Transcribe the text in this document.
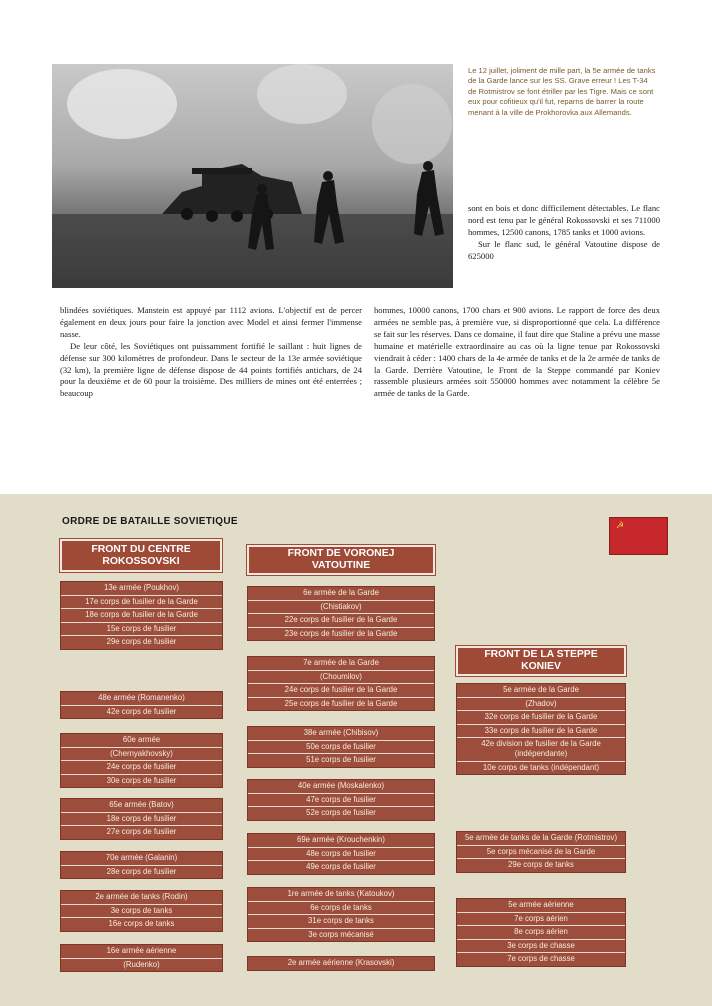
Le 12 juillet, joliment de mille part, la 5e armée de tanks de la Garde lance sur les SS. Grave erreur ! Les T-34 de Rotmistrov se font étriller par les Tigre. Mais ce sont eux pour cofitieux qu'il fut, reparns de barrer la route menant à la ville de Prokhorovka aux Allemands.

sont en bois et donc difficilement détectables. Le flanc nord est tenu par le général Rokossovski et ses 711000 hommes, 12500 canons, 1785 tanks et 1000 avions.

Sur le flanc sud, le général Vatoutine dispose de 625000

blindées soviétiques. Manstein est appuyé par 1112 avions. L'objectif est de percer également en deux jours pour faire la jonction avec Model et ainsi fermer l'immense nasse.

De leur côté, les Soviétiques ont puissamment fortifié le saillant : huit lignes de défense sur 300 kilomètres de profondeur. Dans le secteur de la 13e armée soviétique (32 km), la première ligne de défense dispose de 44 points fortifiés antichars, de 24 pour la deuxième et de 60 pour la troisième. Des milliers de mines ont été enterrées ; beaucoup

hommes, 10000 canons, 1700 chars et 900 avions. Le rapport de force des deux armées ne semble pas, à première vue, si disproportionné que cela. La différence se fait sur les réserves. Dans ce domaine, il faut dire que Staline a prévu une masse humaine et matérielle extraordinaire au cas où la ligne tenue par Rokossovski viendrait à céder : 1400 chars de la 4e armée de tanks et de la 2e armée de tanks de la Garde. Derrière Vatoutine, le Front de la Steppe commandé par Koniev rassemble plusieurs armées soit 550000 hommes avec notamment la célèbre 5e armée de tanks de la Garde.

ORDRE DE BATAILLE SOVIETIQUE	☭
FRONT DU CENTRE
ROKOSSOVSKI
FRONT DE VORONEJ
VATOUTINE
FRONT DE LA STEPPE
KONIEV
13e armée (Poukhov)
17e corps de fusilier de la Garde
18e corps de fusilier de la Garde
15e corps de fusilier
29e corps de fusilier
48e armée (Romanenko)
42e corps de fusilier
60e armée
(Chernyakhovsky)
24e corps de fusilier
30e corps de fusilier
65e armée (Batov)
18e corps de fusilier
27e corps de fusilier
70e armée (Galanin)
28e corps de fusilier
2e armée de tanks (Rodin)
3e corps de tanks
16e corps de tanks
16e armée aérienne
(Rudenko)
6e armée de la Garde
(Chistiakov)
22e corps de fusilier de la Garde
23e corps de fusilier de la Garde
7e armée de la Garde
(Choumilov)
24e corps de fusilier de la Garde
25e corps de fusilier de la Garde
38e armée (Chibisov)
50e corps de fusilier
51e corps de fusilier
40e armée (Moskalenko)
47e corps de fusilier
52e corps de fusilier
69e armée (Krouchenkin)
48e corps de fusilier
49e corps de fusilier
1re armée de tanks (Katoukov)
6e corps de tanks
31e corps de tanks
3e corps mécanisé
2e armée aérienne (Krasovski)
5e armée de la Garde
(Zhadov)
32e corps de fusilier de la Garde
33e corps de fusilier de la Garde
42e division de fusilier de la Garde (indépendante)
10e corps de tanks (indépendant)
5e armée de tanks de la Garde (Rotmistrov)
5e corps mécanisé de la Garde
29e corps de tanks
5e armée aérienne
7e corps aérien
8e corps aérien
3e corps de chasse
7e corps de chasse
